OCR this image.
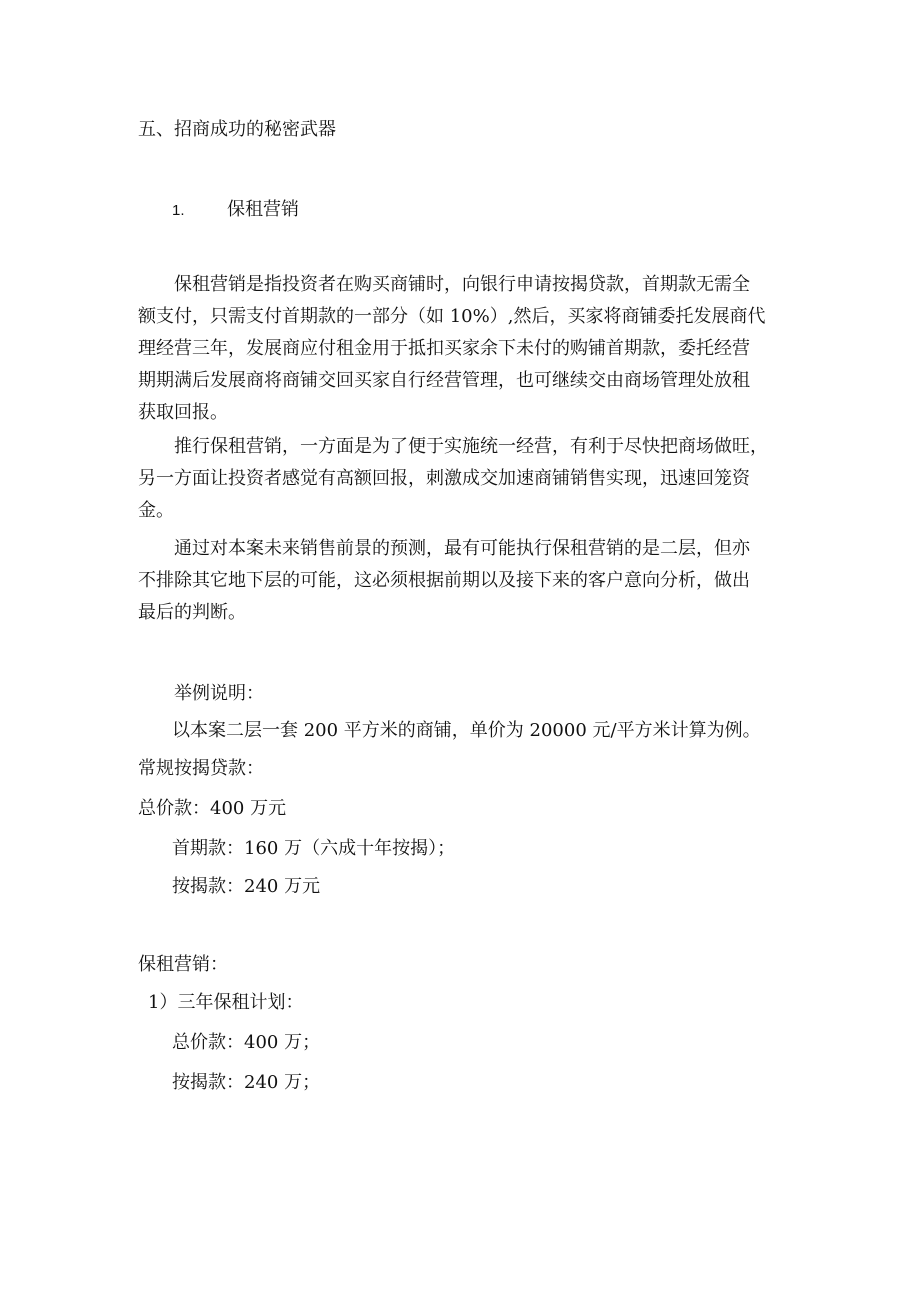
五、招商成功的秘密武器
1. 保租营销
保租营销是指投资者在购买商铺时，向银行申请按揭贷款，首期款无需全
额支付，只需支付首期款的一部分（如 10%）,然后，买家将商铺委托发展商代
理经营三年，发展商应付租金用于抵扣买家余下未付的购铺首期款，委托经营
期期满后发展商将商铺交回买家自行经营管理，也可继续交由商场管理处放租
获取回报。
推行保租营销，一方面是为了便于实施统一经营，有利于尽快把商场做旺，
另一方面让投资者感觉有高额回报，刺激成交加速商铺销售实现，迅速回笼资
金。
通过对本案未来销售前景的预测，最有可能执行保租营销的是二层，但亦
不排除其它地下层的可能，这必须根据前期以及接下来的客户意向分析，做出
最后的判断。
举例说明：
以本案二层一套 200 平方米的商铺，单价为 20000 元/平方米计算为例。
常规按揭贷款：
总价款：400 万元
首期款：160 万（六成十年按揭）；
按揭款：240 万元
保租营销：
1）三年保租计划：
总价款：400 万；
按揭款：240 万；
